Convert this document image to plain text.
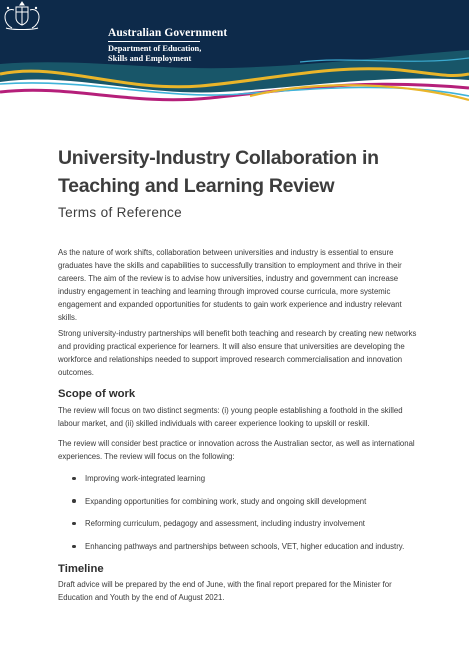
Australian Government
Department of Education,
Skills and Employment
University-Industry Collaboration in
Teaching and Learning Review
Terms of Reference

As the nature of work shifts, collaboration between universities and industry is essential to ensure graduates have the skills and capabilities to successfully transition to employment and thrive in their careers. The aim of the review is to advise how universities, industry and government can increase industry engagement in teaching and learning through improved course curricula, more systemic engagement and expanded opportunities for students to gain work experience and industry relevant skills.

Strong university-industry partnerships will benefit both teaching and research by creating new networks and providing practical experience for learners. It will also ensure that universities are developing the workforce and relationships needed to support improved research commercialisation and innovation outcomes.

Scope of work

The review will focus on two distinct segments: (i) young people establishing a foothold in the skilled labour market, and (ii) skilled individuals with career experience looking to upskill or reskill.

The review will consider best practice or innovation across the Australian sector, as well as international experiences. The review will focus on the following:

Improving work-integrated learning
Expanding opportunities for combining work, study and ongoing skill development
Reforming curriculum, pedagogy and assessment, including industry involvement
Enhancing pathways and partnerships between schools, VET, higher education and industry.
Timeline

Draft advice will be prepared by the end of June, with the final report prepared for the Minister for Education and Youth by the end of August 2021.
